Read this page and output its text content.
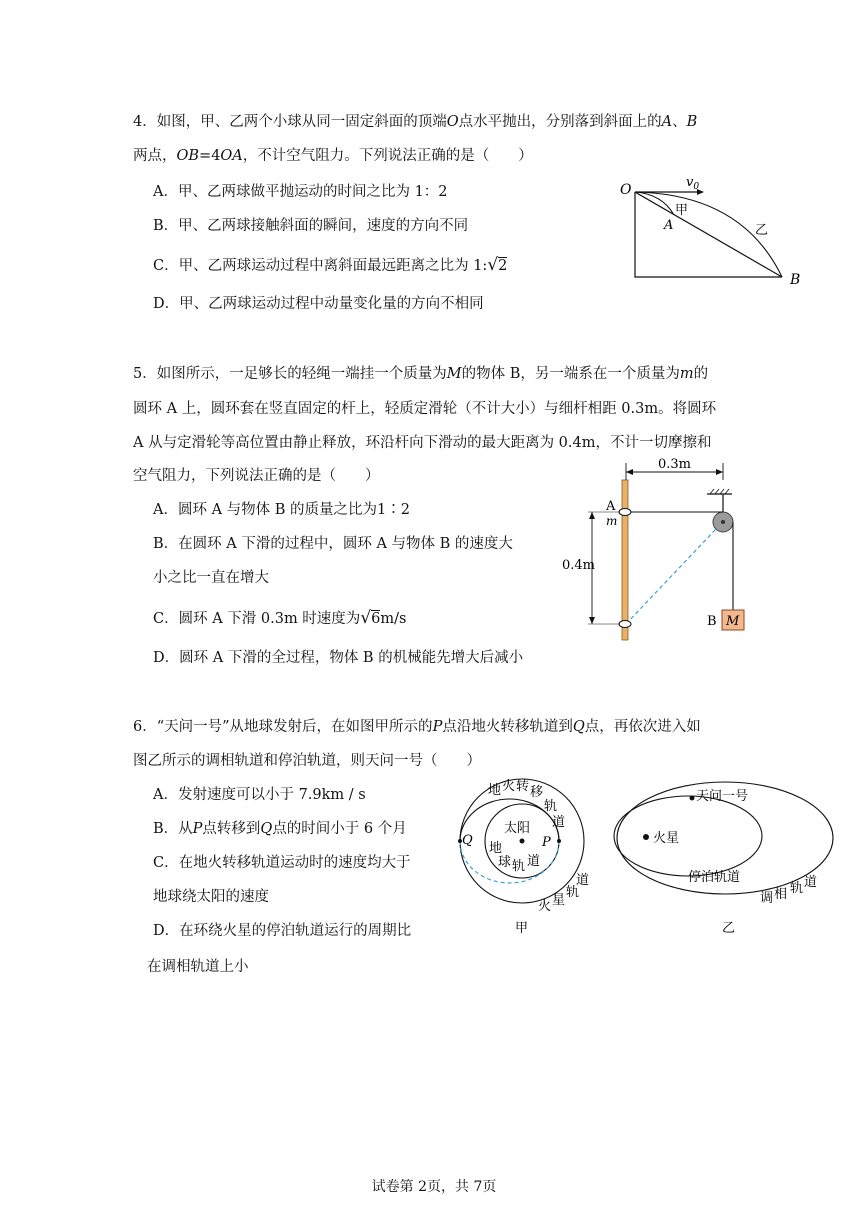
4．如图，甲、乙两个小球从同一固定斜面的顶端O点水平抛出，分别落到斜面上的A、B
两点，OB=4OA，不计空气阻力。下列说法正确的是（　　）
A．甲、乙两球做平抛运动的时间之比为 1：2
B．甲、乙两球接触斜面的瞬间，速度的方向不同
C．甲、乙两球运动过程中离斜面最远距离之比为 1:√2
D．甲、乙两球运动过程中动量变化量的方向不相同
O	$v_0$
甲
A	乙
B
5．如图所示，一足够长的轻绳一端挂一个质量为M的物体 B，另一端系在一个质量为m的
圆环 A 上，圆环套在竖直固定的杆上，轻质定滑轮（不计大小）与细杆相距 0.3m。将圆环
A 从与定滑轮等高位置由静止释放，环沿杆向下滑动的最大距离为 0.4m，不计一切摩擦和
空气阻力，下列说法正确的是（　　）
A．圆环 A 与物体 B 的质量之比为1∶2
B．在圆环 A 下滑的过程中，圆环 A 与物体 B 的速度大
小之比一直在增大
C．圆环 A 下滑 0.3m 时速度为√6m/s
D．圆环 A 下滑的全过程，物体 B 的机械能先增大后减小
0.3m
0.4m
A
m
M
B
6．“天问一号”从地球发射后，在如图甲所示的P点沿地火转移轨道到Q点，再依次进入如
图乙所示的调相轨道和停泊轨道，则天问一号（　　）
A．发射速度可以小于 7.9km / s
B．从P点转移到Q点的时间小于 6 个月
C．在地火转移轨道运动时的速度均大于
地球绕太阳的速度
D．在环绕火星的停泊轨道运行的周期比
在调相轨道上小
太阳
P
Q
地 火 转 移
轨
道
地
球 轨 道
道
轨
星
火
甲
天问一号
火星
停泊轨道
调 相 轨 道
乙
试卷第 2页，共 7页
